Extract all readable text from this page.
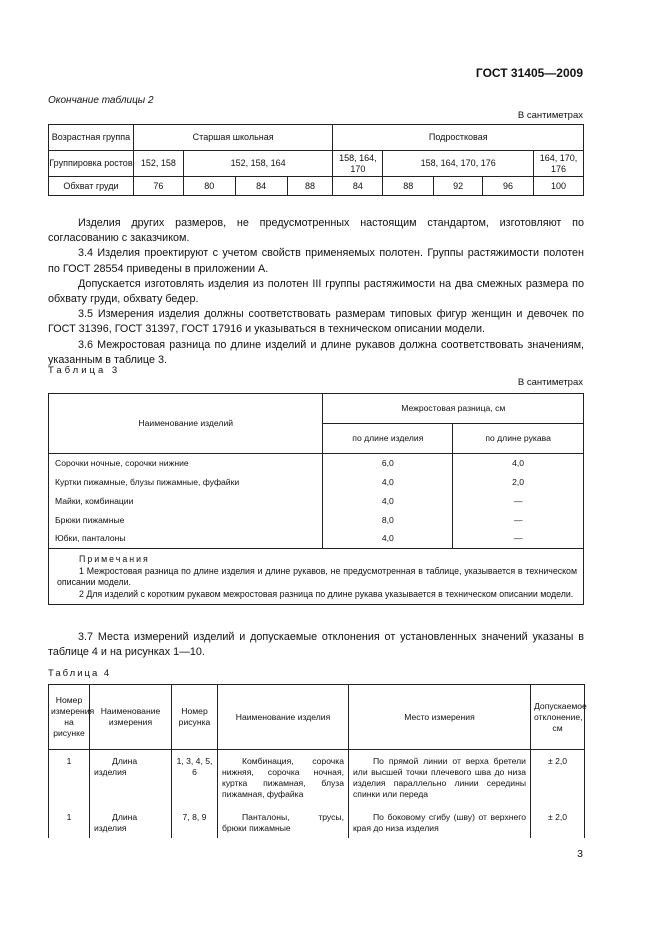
ГОСТ 31405—2009
Окончание таблицы 2
В сантиметрах
Возрастная группа	Старшая школьная				Подростковая				
Группировка ростов	152, 158	152, 158, 164			158, 164, 170	158, 164, 170, 176			164, 170, 176
Обхват груди	76	80	84	88	84	88	92	96	100

Изделия других размеров, не предусмотренных настоящим стандартом, изготовляют по согласованию с заказчиком.

3.4 Изделия проектируют с учетом свойств применяемых полотен. Группы растяжимости полотен по ГОСТ 28554 приведены в приложении А.

Допускается изготовлять изделия из полотен III группы растяжимости на два смежных размера по обхвату груди, обхвату бедер.

3.5 Измерения изделия должны соответствовать размерам типовых фигур женщин и девочек по ГОСТ 31396, ГОСТ 31397, ГОСТ 17916 и указываться в техническом описании модели.

3.6 Межростовая разница по длине изделий и длине рукавов должна соответствовать значениям, указанным в таблице 3.

Таблица 3
В сантиметрах
Наименование изделий	Межростовая разница, см	
	по длине изделия	по длине рукава
Сорочки ночные, сорочки нижние	6,0	4,0
Куртки пижамные, блузы пижамные, фуфайки	4,0	2,0
Майки, комбинации	4,0	—
Брюки пижамные	8,0	—
Юбки, панталоны	4,0	—

Примечания

1 Межростовая разница по длине изделия и длине рукавов, не предусмотренная в таблице, указывается в техническом описании модели.

2 Для изделий с коротким рукавом межростовая разница по длине рукава указывается в техническом описании модели.		

3.7 Места измерений изделий и допускаемые отклонения от установленных значений указаны в таблице 4 и на рисунках 1—10.

Таблица 4
Номер измерения на рисунке	Наименование измерения	Номер рисунка	Наименование изделия	Место измерения	Допускаемое отклонение, см
1	Длина изделия	1, 3, 4, 5, 6	Комбинация, сорочка нижняя, сорочка ночная, куртка пижамная, блуза пижамная, фуфайка	По прямой линии от верха бретели или высшей точки плечевого шва до низа изделия параллельно линии середины спинки или переда	± 2,0
1	Длина изделия	7, 8, 9	Панталоны, трусы, брюки пижамные	По боковому сгибу (шву) от верхнего края до низа изделия	± 2,0
3
